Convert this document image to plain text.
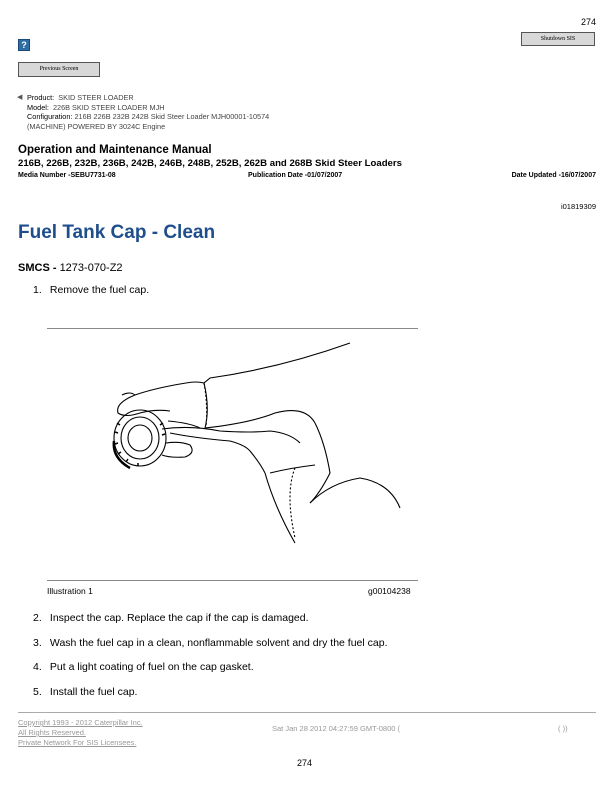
274
Shutdown SIS
?
Previous Screen
◀ Product: SKID STEER LOADER
Model: 226B SKID STEER LOADER MJH
Configuration: 216B 226B 232B 242B Skid Steer Loader MJH00001-10574
(MACHINE) POWERED BY 3024C Engine
Operation and Maintenance Manual
216B, 226B, 232B, 236B, 242B, 246B, 248B, 252B, 262B and 268B Skid Steer Loaders
Media Number -SEBU7731-08	Publication Date -01/07/2007	Date Updated -16/07/2007
i01819309
Fuel Tank Cap - Clean
SMCS - 1273-070-Z2
1. Remove the fuel cap.
Illustration 1	g00104238
2. Inspect the cap. Replace the cap if the cap is damaged.
3. Wash the fuel cap in a clean, nonflammable solvent and dry the fuel cap.
4. Put a light coating of fuel on the cap gasket.
5. Install the fuel cap.
Copyright 1993 - 2012 Caterpillar Inc.
All Rights Reserved.
Private Network For SIS Licensees.
Sat Jan 28 2012 04:27:59 GMT-0800 (	( ))
274
